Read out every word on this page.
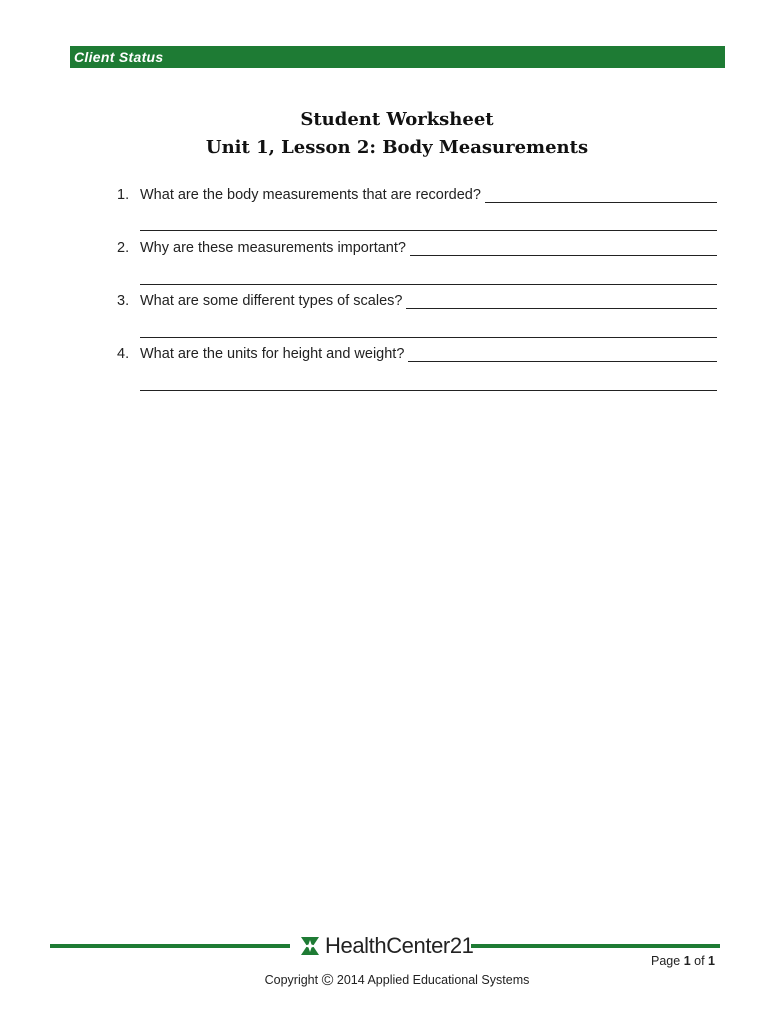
Client Status
Student Worksheet
Unit 1, Lesson 2: Body Measurements
1. What are the body measurements that are recorded?
2. Why are these measurements important?
3. What are some different types of scales?
4. What are the units for height and weight?
HealthCenter21
Page 1 of 1
Copyright © 2014 Applied Educational Systems
